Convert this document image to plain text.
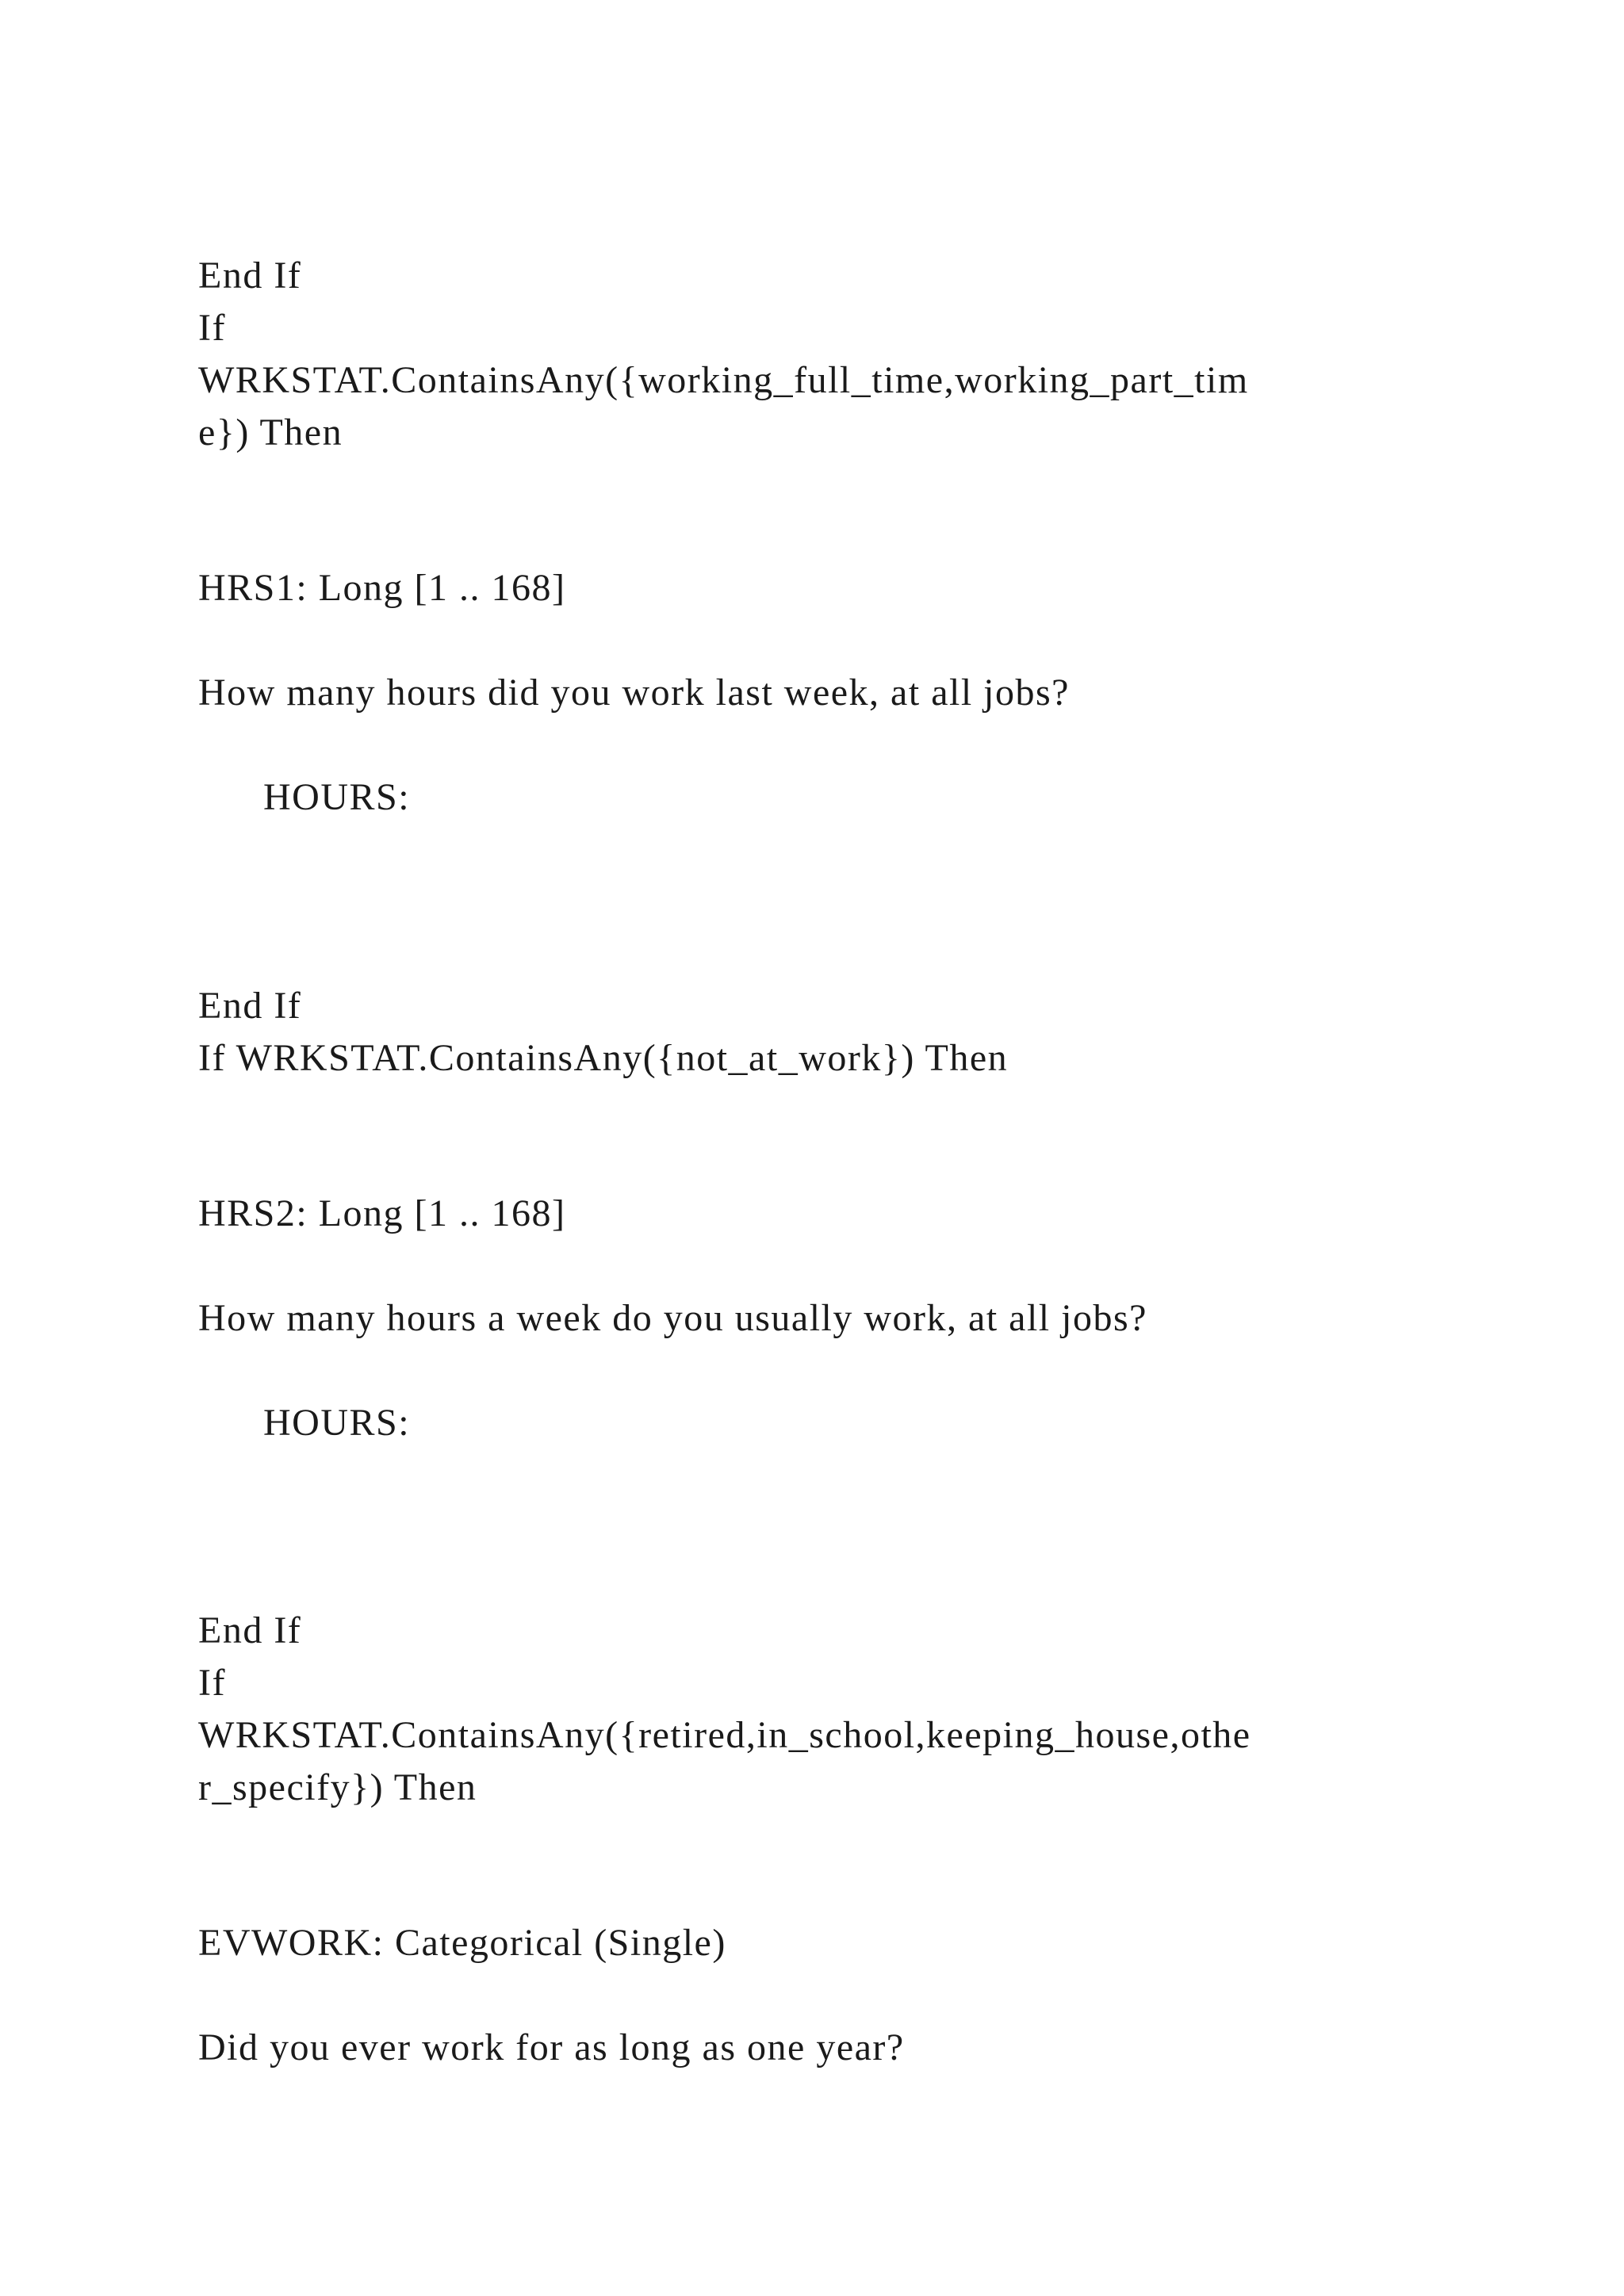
End If
If
WRKSTAT.ContainsAny({working_full_time,working_part_tim
e}) Then
HRS1: Long [1 .. 168]
How many hours did you work last week, at all jobs?
HOURS:
End If
If WRKSTAT.ContainsAny({not_at_work}) Then
HRS2: Long [1 .. 168]
How many hours a week do you usually work, at all jobs?
HOURS:
End If
If
WRKSTAT.ContainsAny({retired,in_school,keeping_house,othe
r_specify}) Then
EVWORK: Categorical (Single)
Did you ever work for as long as one year?
